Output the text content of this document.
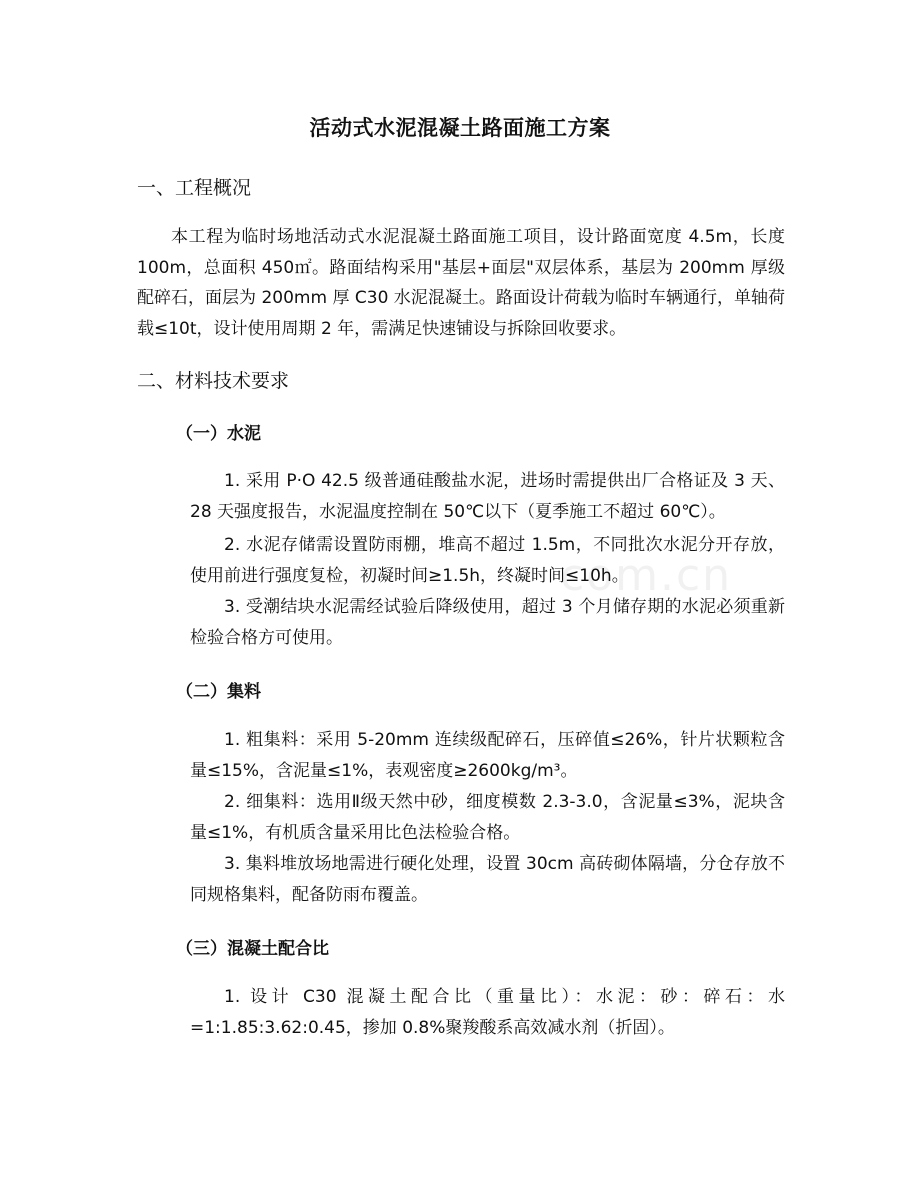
com.cn
活动式水泥混凝土路面施工方案
一、工程概况
本工程为临时场地活动式水泥混凝土路面施工项目，设计路面宽度 4.5m，长度 100m，总面积 450㎡。路面结构采用"基层+面层"双层体系，基层为 200mm 厚级配碎石，面层为 200mm 厚 C30 水泥混凝土。路面设计荷载为临时车辆通行，单轴荷载≤10t，设计使用周期 2 年，需满足快速铺设与拆除回收要求。
二、材料技术要求
（一）水泥
1. 采用 P·O 42.5 级普通硅酸盐水泥，进场时需提供出厂合格证及 3 天、28 天强度报告，水泥温度控制在 50℃以下（夏季施工不超过 60℃）。
2. 水泥存储需设置防雨棚，堆高不超过 1.5m，不同批次水泥分开存放，使用前进行强度复检，初凝时间≥1.5h，终凝时间≤10h。
3. 受潮结块水泥需经试验后降级使用，超过 3 个月储存期的水泥必须重新检验合格方可使用。
（二）集料
1. 粗集料：采用 5-20mm 连续级配碎石，压碎值≤26%，针片状颗粒含量≤15%，含泥量≤1%，表观密度≥2600kg/m³。
2. 细集料：选用Ⅱ级天然中砂，细度模数 2.3-3.0，含泥量≤3%，泥块含量≤1%，有机质含量采用比色法检验合格。
3. 集料堆放场地需进行硬化处理，设置 30cm 高砖砌体隔墙，分仓存放不同规格集料，配备防雨布覆盖。
（三）混凝土配合比
1. 设计 C30 混凝土配合比（重量比）：水泥：砂：碎石：水=1:1.85:3.62:0.45，掺加 0.8%聚羧酸系高效减水剂（折固）。
